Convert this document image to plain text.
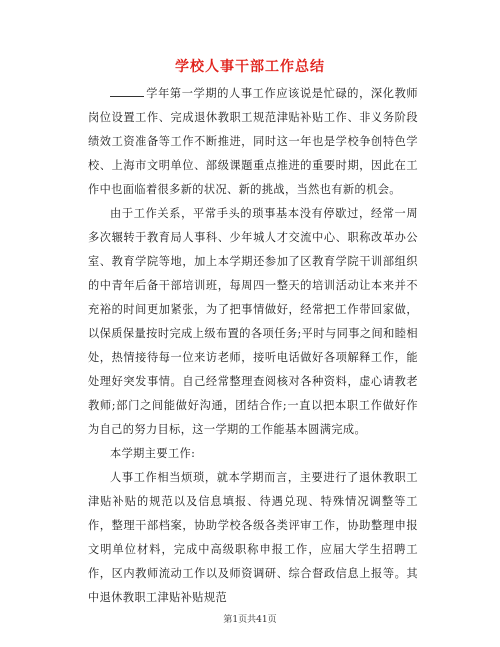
学校人事干部工作总结

学年第一学期的人事工作应该说是忙碌的，深化教师岗位设置工作、完成退休教职工规范津贴补贴工作、非义务阶段绩效工资准备等工作不断推进，同时这一年也是学校争创特色学校、上海市文明单位、部级课题重点推进的重要时期，因此在工作中也面临着很多新的状况、新的挑战，当然也有新的机会。

由于工作关系，平常手头的琐事基本没有停歇过，经常一周多次辗转于教育局人事科、少年城人才交流中心、职称改革办公室、教育学院等地，加上本学期还参加了区教育学院干训部组织的中青年后备干部培训班，每周四一整天的培训活动让本来并不充裕的时间更加紧张，为了把事情做好，经常把工作带回家做，以保质保量按时完成上级布置的各项任务;平时与同事之间和睦相处，热情接待每一位来访老师，接听电话做好各项解释工作，能处理好突发事情。自己经常整理查阅核对各种资料，虚心请教老教师;部门之间能做好沟通，团结合作;一直以把本职工作做好作为自己的努力目标，这一学期的工作能基本圆满完成。

本学期主要工作:

人事工作相当烦琐，就本学期而言，主要进行了退休教职工津贴补贴的规范以及信息填报、待遇兑现、特殊情况调整等工作，整理干部档案，协助学校各级各类评审工作，协助整理申报文明单位材料，完成中高级职称申报工作，应届大学生招聘工作，区内教师流动工作以及师资调研、综合督政信息上报等。其中退休教职工津贴补贴规范

第1页共41页
